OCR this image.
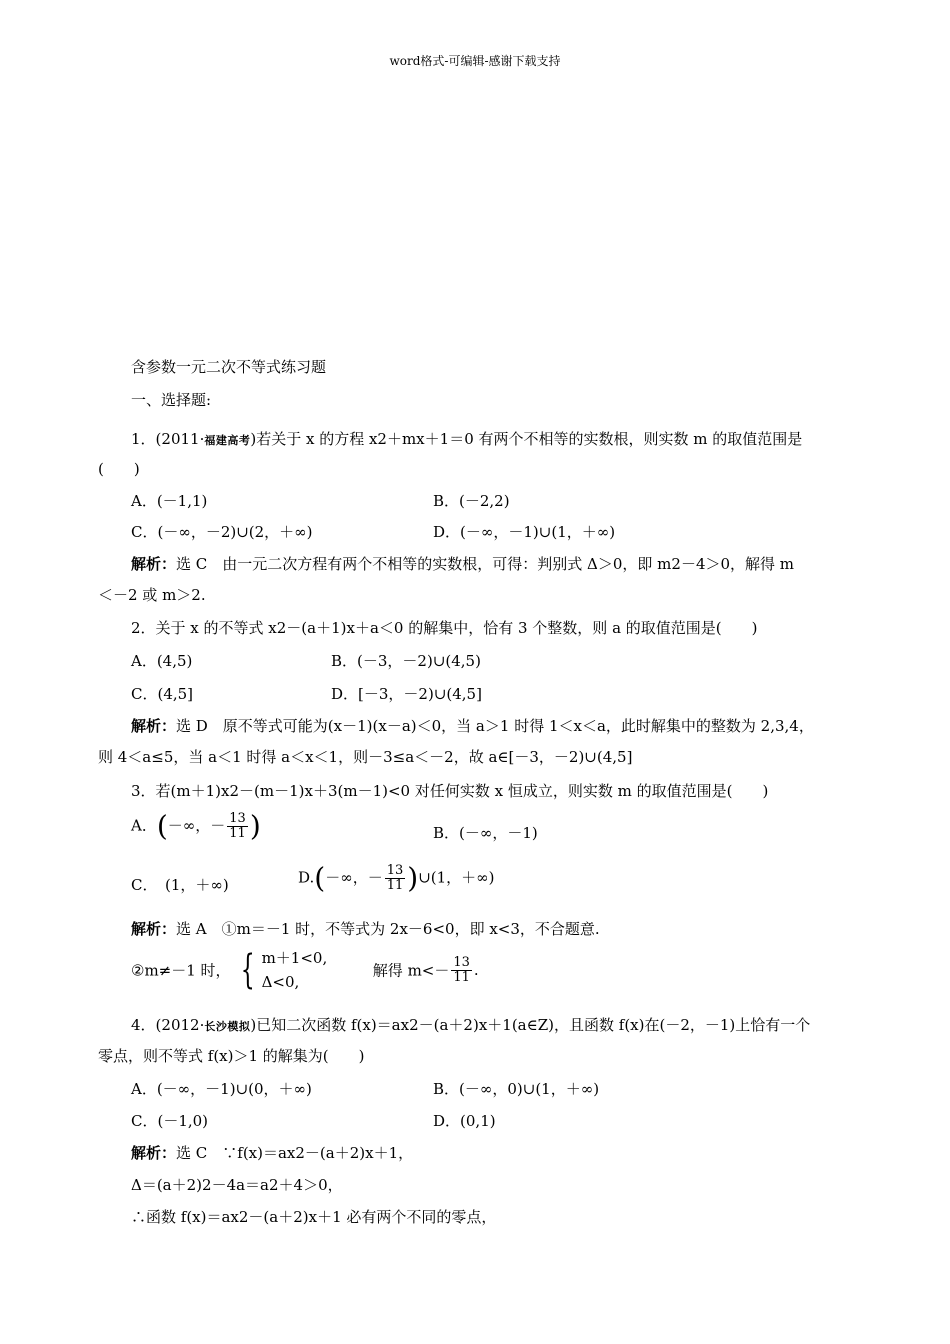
word格式-可编辑-感谢下载支持
含参数一元二次不等式练习题
一、选择题:
1．(2011·福建高考)若关于 x 的方程 x2＋mx＋1＝0 有两个不相等的实数根，则实数 m 的取值范围是
(　　)
A．(－1,1)	B．(－2,2)
C．(－∞，－2)∪(2，＋∞)	D．(－∞，－1)∪(1，＋∞)
解析：选 C　由一元二次方程有两个不相等的实数根，可得：判别式 Δ＞0，即 m2－4＞0，解得 m
＜－2 或 m＞2.
2．关于 x 的不等式 x2－(a＋1)x＋a＜0 的解集中，恰有 3 个整数，则 a 的取值范围是(　　)
A．(4,5)	B．(－3，－2)∪(4,5)
C．(4,5]	D．[－3，－2)∪(4,5]
解析：选 D　原不等式可能为(x－1)(x－a)＜0，当 a＞1 时得 1＜x＜a，此时解集中的整数为 2,3,4，
则 4＜a≤5，当 a＜1 时得 a＜x＜1，则－3≤a＜－2，故 a∈[－3，－2)∪(4,5]
3．若(m＋1)x2－(m－1)x＋3(m－1)<0 对任何实数 x 恒成立，则实数 m 的取值范围是(　　)
A．(－∞，－ $\frac{13}{11}$ )	B．(－∞，－1)
C．　(1，＋∞)	D.(－∞，－ $\frac{13}{11}$ )∪(1，＋∞)
解析：选 A　①m＝－1 时，不等式为 2x－6<0，即 x<3，不合题意.
②m≠－1 时， { m＋1<0,
Δ<0,
解得 $m<- \frac{13}{11}$ .
4．(2012·长沙模拟)已知二次函数 f(x)＝ax2－(a＋2)x＋1(a∈Z)，且函数 f(x)在(－2，－1)上恰有一个
零点，则不等式 f(x)＞1 的解集为(　　)
A．(－∞，－1)∪(0，＋∞)	B．(－∞，0)∪(1，＋∞)
C．(－1,0)	D．(0,1)
解析：选 C　∵f(x)＝ax2－(a＋2)x＋1，
Δ＝(a＋2)2－4a＝a2＋4＞0，
∴函数 f(x)＝ax2－(a＋2)x＋1 必有两个不同的零点，
